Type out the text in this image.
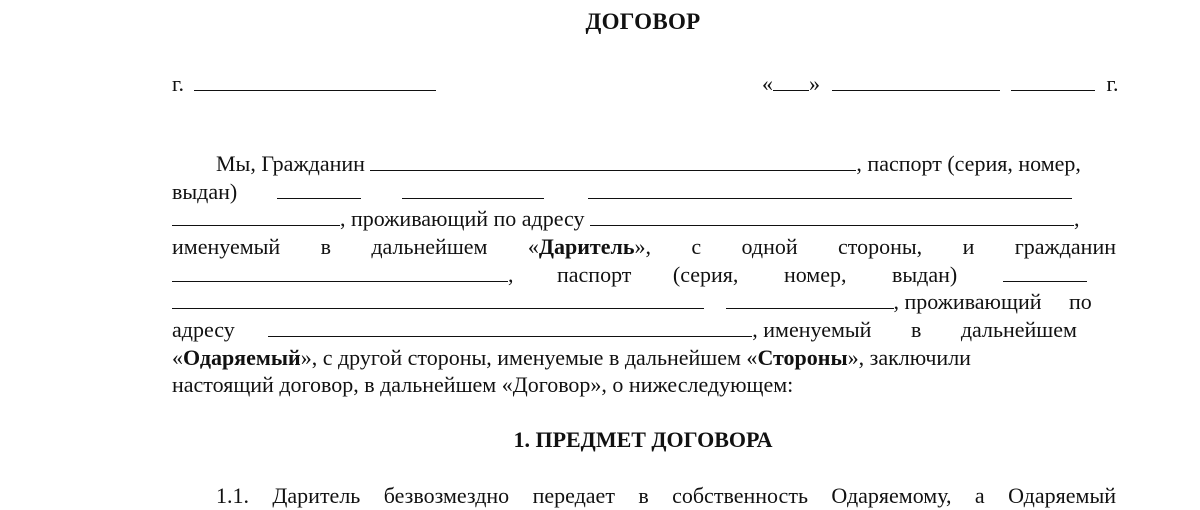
ДОГОВОР
г.	« »	г.
Мы, Гражданин	, паспорт (серия, номер,
выдан)
, проживающий по адресу	,
именуемый в дальнейшем «Даритель», с одной стороны, и гражданин
, паспорт (серия, номер, выдан)
, проживающий по
адресу	, именуемый в дальнейшем
«Одаряемый», с другой стороны, именуемые в дальнейшем «Стороны», заключили
настоящий договор, в дальнейшем «Договор», о нижеследующем:
1. ПРЕДМЕТ ДОГОВОРА
1.1. Даритель безвозмездно передает в собственность Одаряемому, а Одаряемый
